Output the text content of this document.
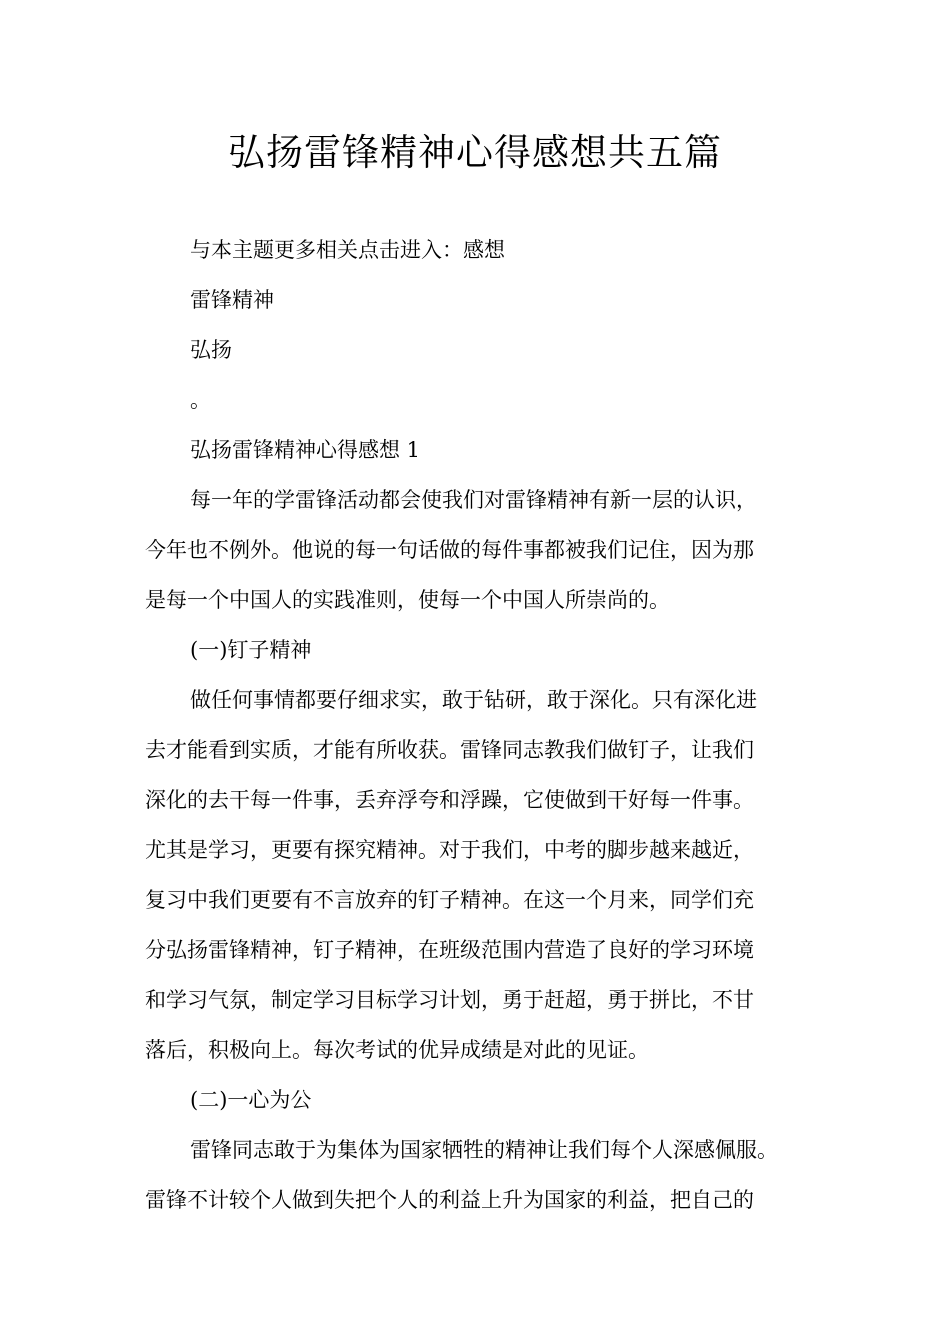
弘扬雷锋精神心得感想共五篇

与本主题更多相关点击进入：感想

雷锋精神

弘扬

。

弘扬雷锋精神心得感想 1

每一年的学雷锋活动都会使我们对雷锋精神有新一层的认识，

今年也不例外。他说的每一句话做的每件事都被我们记住，因为那

是每一个中国人的实践准则，使每一个中国人所崇尚的。

(一)钉子精神

做任何事情都要仔细求实，敢于钻研，敢于深化。只有深化进

去才能看到实质，才能有所收获。雷锋同志教我们做钉子，让我们

深化的去干每一件事，丢弃浮夸和浮躁，它使做到干好每一件事。

尤其是学习，更要有探究精神。对于我们，中考的脚步越来越近，

复习中我们更要有不言放弃的钉子精神。在这一个月来，同学们充

分弘扬雷锋精神，钉子精神，在班级范围内营造了良好的学习环境

和学习气氛，制定学习目标学习计划，勇于赶超，勇于拼比，不甘

落后，积极向上。每次考试的优异成绩是对此的见证。

(二)一心为公

雷锋同志敢于为集体为国家牺牲的精神让我们每个人深感佩服。

雷锋不计较个人做到失把个人的利益上升为国家的利益，把自己的
